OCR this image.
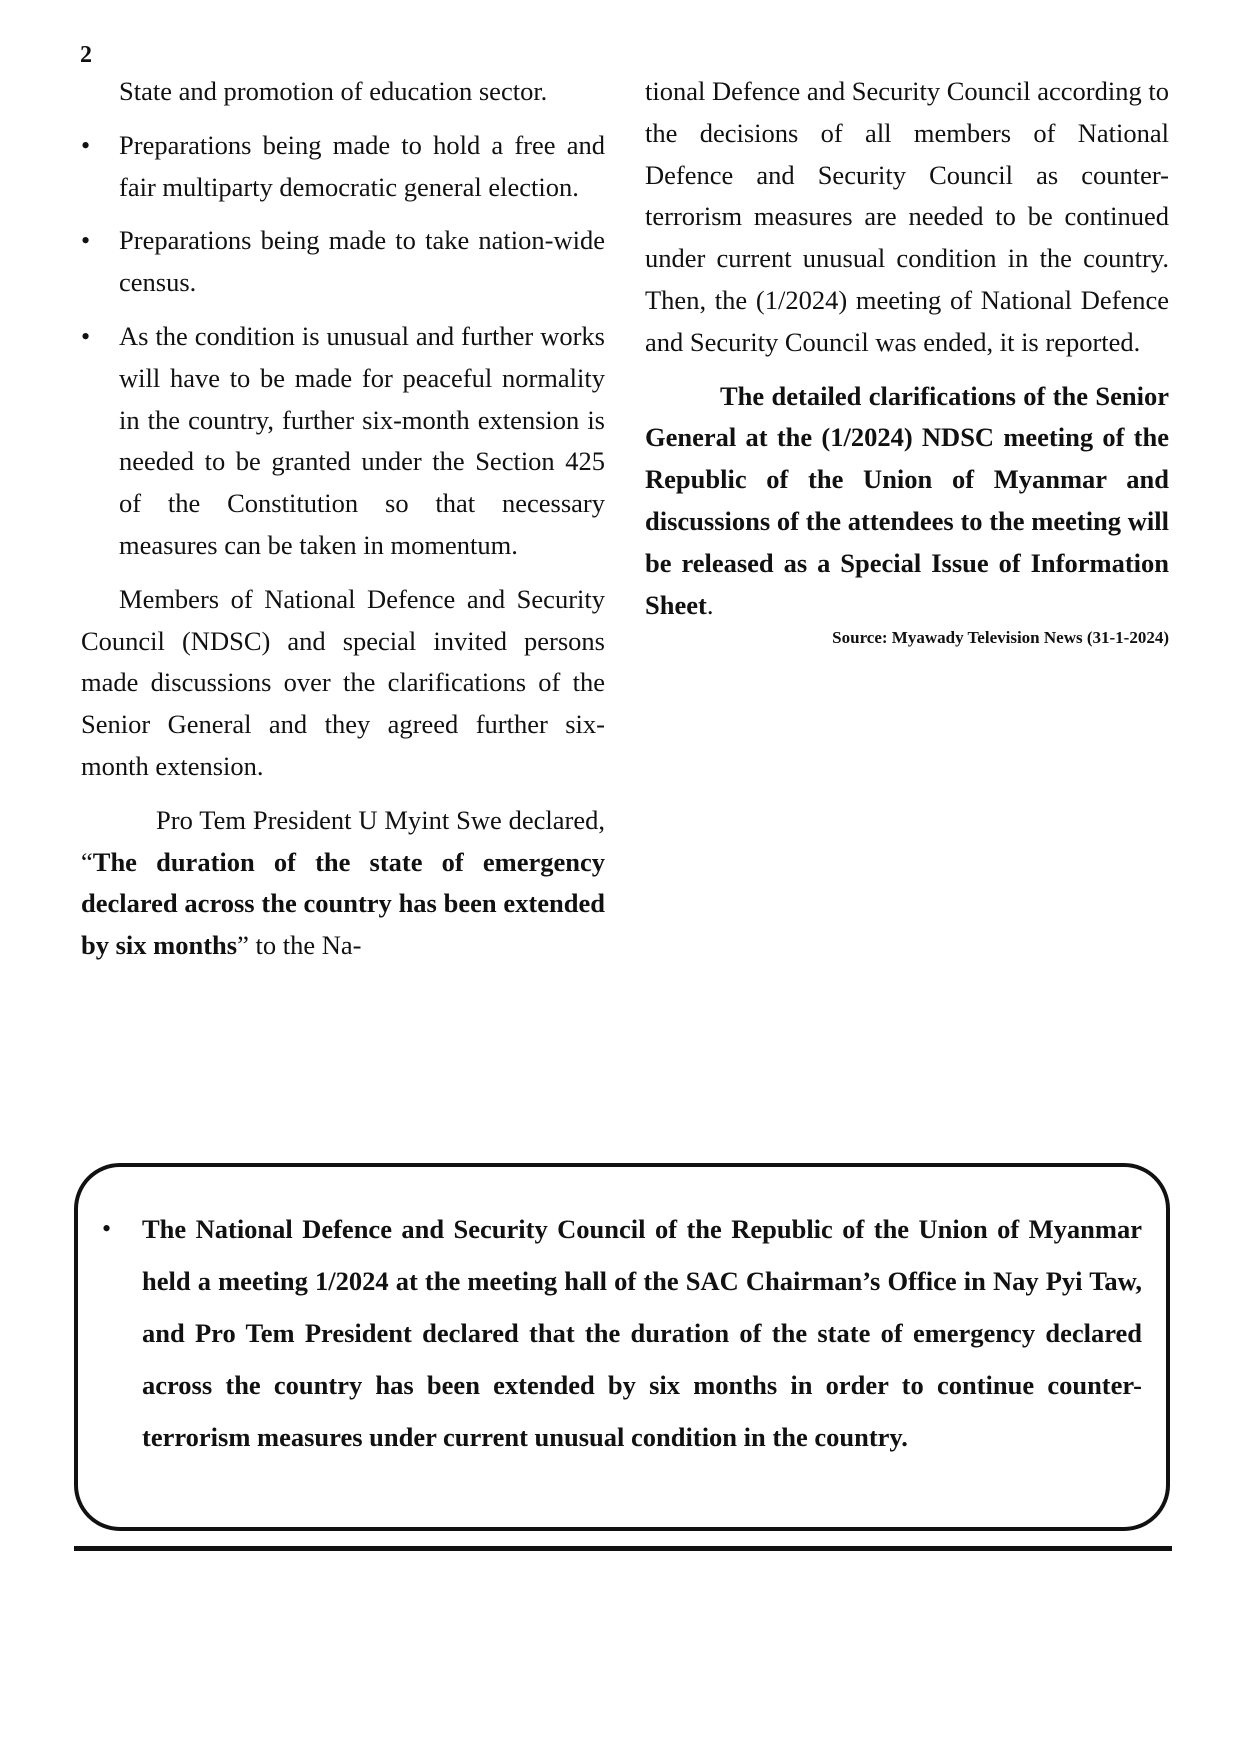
2

State and promotion of education sector.

• Preparations being made to hold a free and fair multiparty democratic general election.
• Preparations being made to take nation-wide census.
• As the condition is unusual and further works will have to be made for peaceful normality in the country, further six-month extension is needed to be granted under the Section 425 of the Constitution so that necessary measures can be taken in momentum.

Members of National Defence and Security Council (NDSC) and special invited persons made discussions over the clarifications of the Senior General and they agreed further six-month extension.

Pro Tem President U Myint Swe declared, “The duration of the state of emergency declared across the country has been extended by six months” to the Na-

tional Defence and Security Council according to the decisions of all members of National Defence and Security Council as counter-terrorism measures are needed to be continued under current unusual condition in the country. Then, the (1/2024) meeting of National Defence and Security Council was ended, it is reported.

The detailed clarifications of the Senior General at the (1/2024) NDSC meeting of the Republic of the Union of Myanmar and discussions of the attendees to the meeting will be released as a Special Issue of Information Sheet.

Source: Myawady Television News (31-1-2024)

• The National Defence and Security Council of the Republic of the Union of Myanmar held a meeting 1/2024 at the meeting hall of the SAC Chairman’s Office in Nay Pyi Taw, and Pro Tem President declared that the duration of the state of emergency declared across the country has been extended by six months in order to continue counter-terrorism measures under current unusual condition in the country.
